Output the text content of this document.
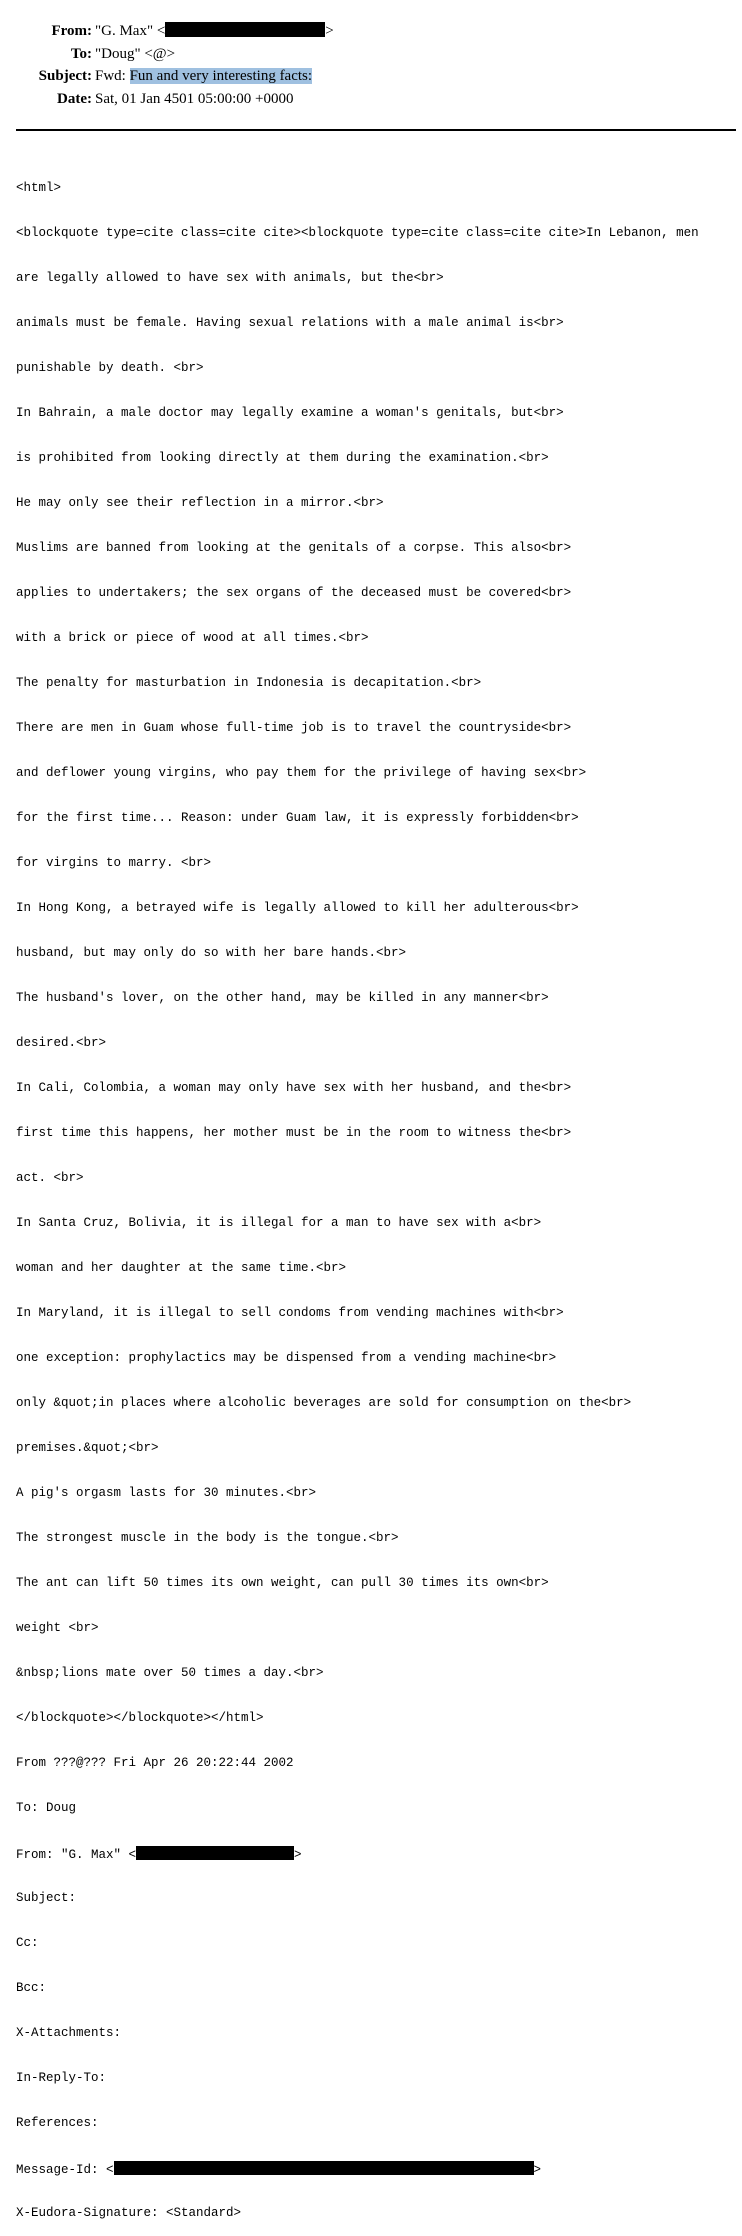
From: "G. Max" <	>
To: "Doug" <@>
Subject: Fwd: Fun and very interesting facts:
Date: Sat, 01 Jan 4501 05:00:00 +0000

<html>

<blockquote type=cite class=cite cite><blockquote type=cite class=cite cite>In Lebanon, men

are legally allowed to have sex with animals, but the<br>

animals must be female. Having sexual relations with a male animal is<br>

punishable by death. <br>

In Bahrain, a male doctor may legally examine a woman's genitals, but<br>

is prohibited from looking directly at them during the examination.<br>

He may only see their reflection in a mirror.<br>

Muslims are banned from looking at the genitals of a corpse. This also<br>

applies to undertakers; the sex organs of the deceased must be covered<br>

with a brick or piece of wood at all times.<br>

The penalty for masturbation in Indonesia is decapitation.<br>

There are men in Guam whose full-time job is to travel the countryside<br>

and deflower young virgins, who pay them for the privilege of having sex<br>

for the first time... Reason: under Guam law, it is expressly forbidden<br>

for virgins to marry. <br>

In Hong Kong, a betrayed wife is legally allowed to kill her adulterous<br>

husband, but may only do so with her bare hands.<br>

The husband's lover, on the other hand, may be killed in any manner<br>

desired.<br>

In Cali, Colombia, a woman may only have sex with her husband, and the<br>

first time this happens, her mother must be in the room to witness the<br>

act. <br>

In Santa Cruz, Bolivia, it is illegal for a man to have sex with a<br>

woman and her daughter at the same time.<br>

In Maryland, it is illegal to sell condoms from vending machines with<br>

one exception: prophylactics may be dispensed from a vending machine<br>

only &quot;in places where alcoholic beverages are sold for consumption on the<br>

premises.&quot;<br>

A pig's orgasm lasts for 30 minutes.<br>

The strongest muscle in the body is the tongue.<br>

The ant can lift 50 times its own weight, can pull 30 times its own<br>

weight <br>

&nbsp;lions mate over 50 times a day.<br>

</blockquote></blockquote></html>

From ???@??? Fri Apr 26 20:22:44 2002

To: Doug

From: "G. Max" <	>

Subject:

Cc:

Bcc:

X-Attachments:

In-Reply-To:

References:

Message-Id: <	>

X-Eudora-Signature: <Standard>
